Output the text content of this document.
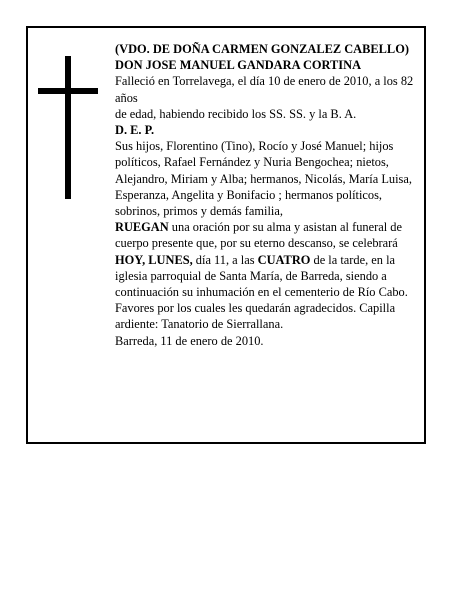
(VDO. DE DOÑA CARMEN GONZALEZ CABELLO)

DON JOSE MANUEL GANDARA CORTINA

Falleció en Torrelavega, el día 10 de enero de 2010, a los 82 años

de edad, habiendo recibido los SS. SS. y la B. A.

D. E. P.

Sus hijos, Florentino (Tino), Rocío y José Manuel; hijos políticos, Rafael Fernández y Nuria Bengochea; nietos, Alejandro, Miriam y Alba; hermanos, Nicolás, María Luisa, Esperanza, Angelita y Bonifacio ; hermanos políticos, sobrinos, primos y demás familia,

RUEGAN una oración por su alma y asistan al funeral de cuerpo presente que, por su eterno descanso, se celebrará HOY, LUNES, día 11, a las CUATRO de la tarde, en la iglesia parroquial de Santa María, de Barreda, siendo a continuación su inhumación en el cementerio de Río Cabo. Favores por los cuales les quedarán agradecidos. Capilla ardiente: Tanatorio de Sierrallana.

Barreda, 11 de enero de 2010.
